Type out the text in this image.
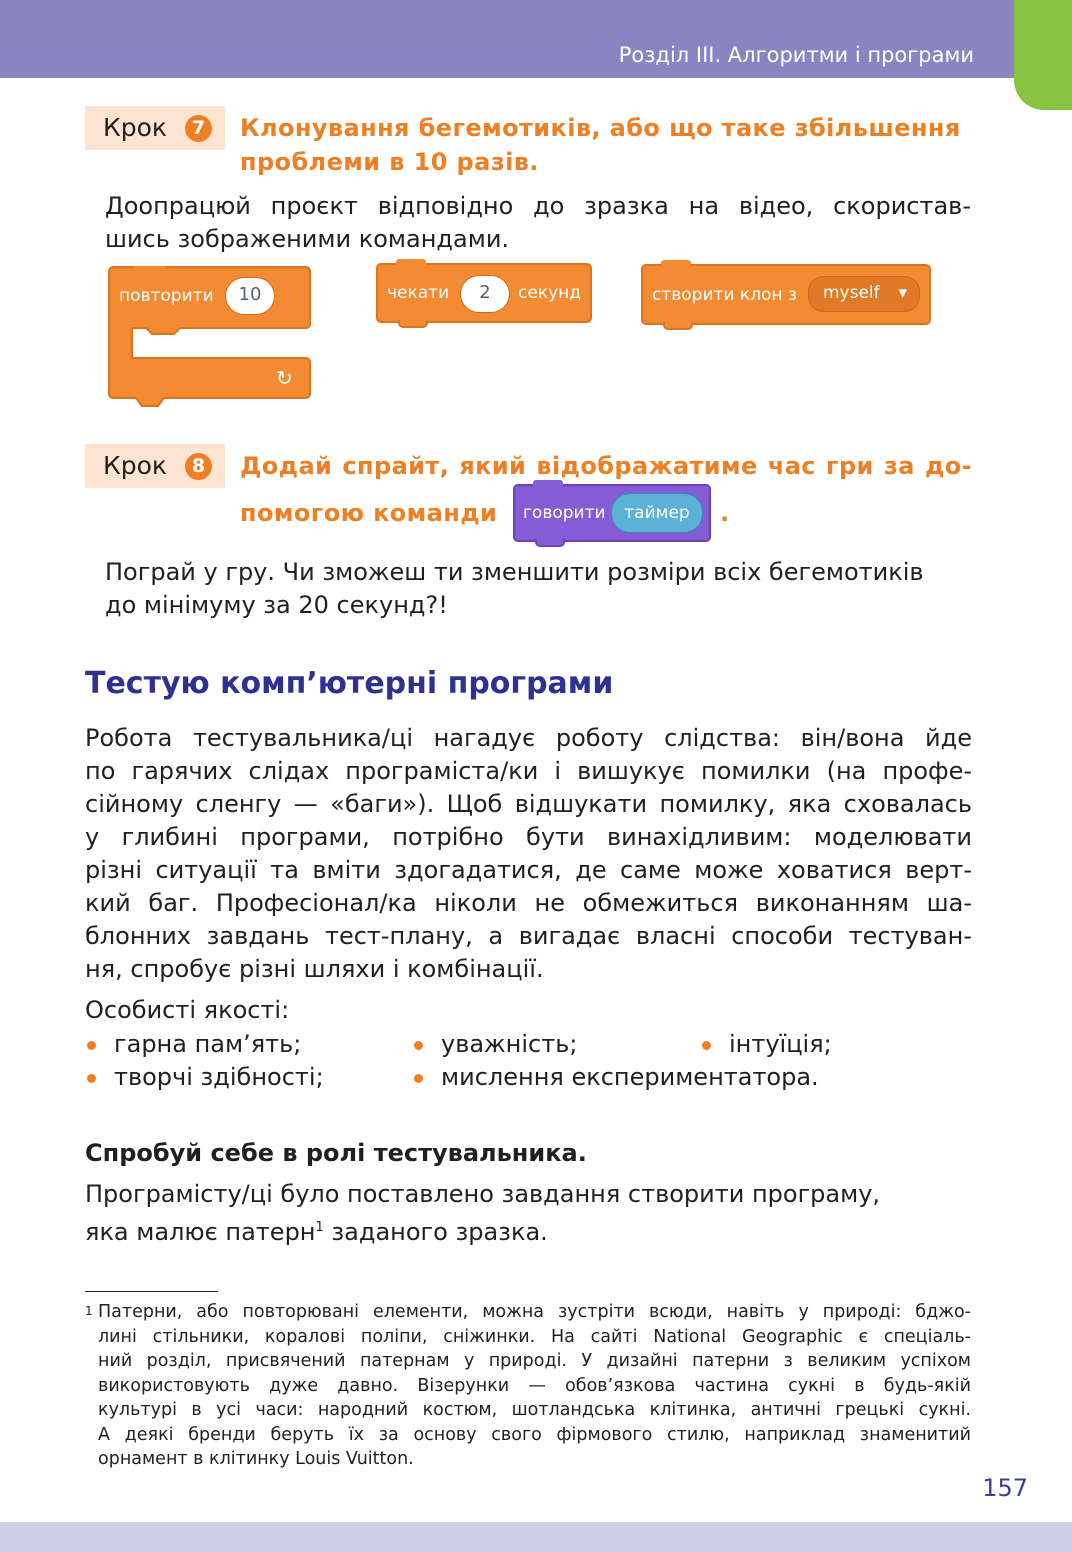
Розділ ІІІ. Алгоритми і програми
Крок	7 Клонування бегемотиків, або що таке збільшення
проблеми в 10 разів.
Доопрацюй проєкт відповідно до зразка на відео, скористав-
шись зображеними командами.
повторити	10
↻
чекати	2	секунд	створити клон з	myself ▾
Крок	8 Додай спрайт, який відображатиме час гри за до-
помогою команди говорити	таймер	.
Пограй у гру. Чи зможеш ти зменшити розміри всіх бегемотиків
до мінімуму за 20 секунд?!
Тестую комп’ютерні програми
Робота тестувальника/ці нагадує роботу слідства: він/вона йде
по гарячих слідах програміста/ки і вишукує помилки (на профе-
сійному сленгу — «баги»). Щоб відшукати помилку, яка сховалась
у глибині програми, потрібно бути винахідливим: моделювати
різні ситуації та вміти здогадатися, де саме може ховатися верт-
кий баг. Професіонал/ка ніколи не обмежиться виконанням ша-
блонних завдань тест-плану, а вигадає власні способи тестуван-
ня, спробує різні шляхи і комбінації.
Особисті якості:
гарна пам’ять;	уважність;	інтуїція;
творчі здібності;	мислення експериментатора.
Спробуй себе в ролі тестувальника.
Програмісту/ці було поставлено завдання створити програму,
яка малює патерн$^1$ заданого зразка.
1 Патерни, або повторювані елементи, можна зустріти всюди, навіть у природі: бджо-
лині стільники, коралові поліпи, сніжинки. На сайті National Geographic є спеціаль-
ний розділ, присвячений патернам у природі. У дизайні патерни з великим успіхом
використовують дуже давно. Візерунки — обов’язкова частина сукні в будь-якій
культурі в усі часи: народний костюм, шотландська клітинка, античні грецькі сукні.
А деякі бренди беруть їх за основу свого фірмового стилю, наприклад знаменитий
орнамент в клітинку Louis Vuitton.
157
